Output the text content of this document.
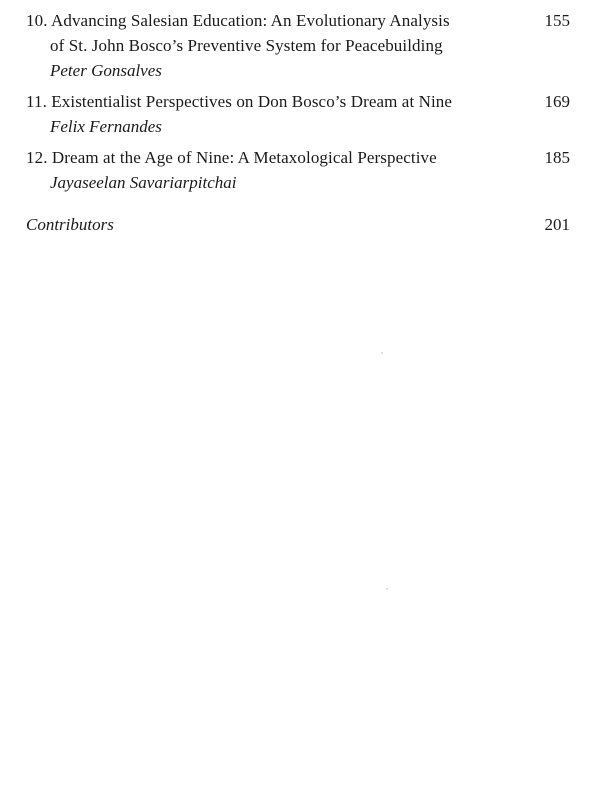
10. Advancing Salesian Education: An Evolutionary Analysis
of St. John Bosco’s Preventive System for Peacebuilding
Peter Gonsalves
155
11. Existentialist Perspectives on Don Bosco’s Dream at Nine
Felix Fernandes
169
12. Dream at the Age of Nine: A Metaxological Perspective
Jayaseelan Savariarpitchai
185
Contributors	201
